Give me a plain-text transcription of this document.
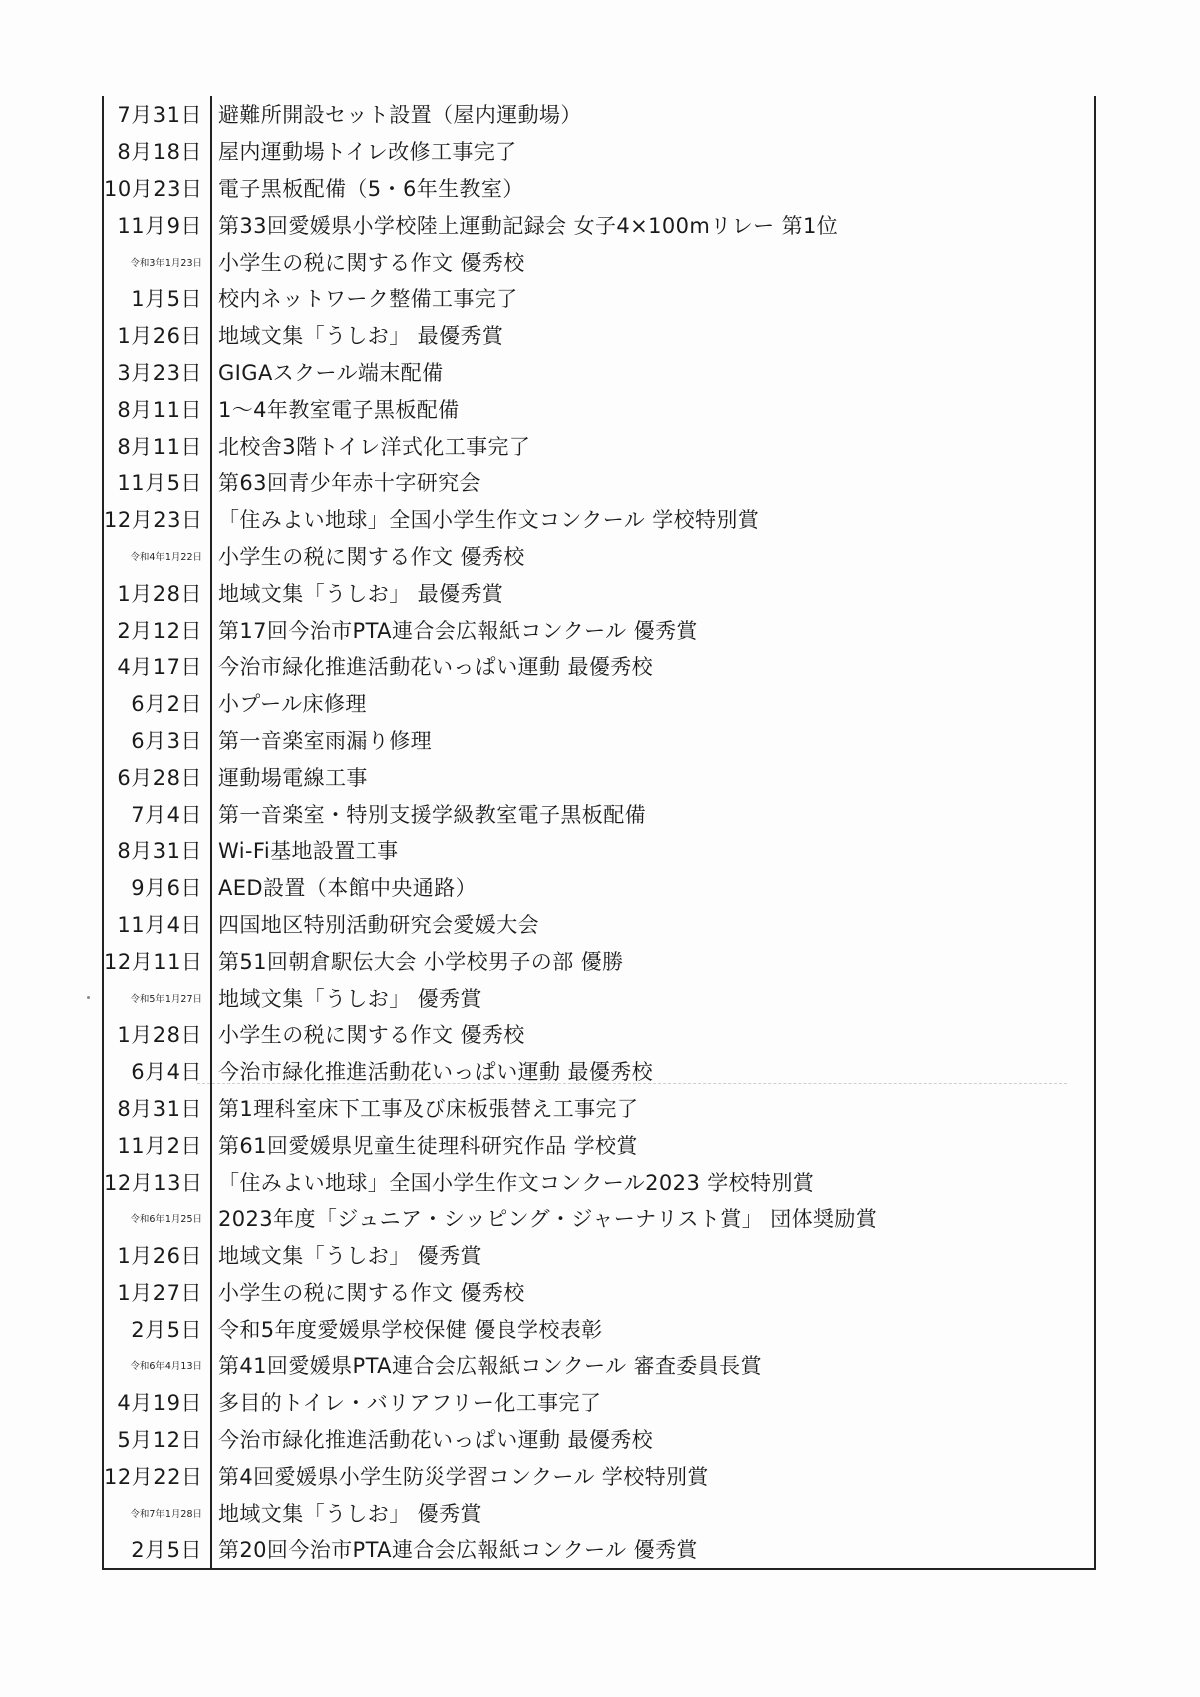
7月31日 避難所開設セット設置（屋内運動場）
8月18日 屋内運動場トイレ改修工事完了
10月23日 電子黒板配備（5・6年生教室）
11月9日 第33回愛媛県小学校陸上運動記録会 女子4×100mリレー 第1位
令和3年1月23日 小学生の税に関する作文 優秀校
1月5日 校内ネットワーク整備工事完了
1月26日 地域文集「うしお」 最優秀賞
3月23日 GIGAスクール端末配備
8月11日 1～4年教室電子黒板配備
8月11日 北校舎3階トイレ洋式化工事完了
11月5日 第63回青少年赤十字研究会
12月23日 「住みよい地球」全国小学生作文コンクール 学校特別賞
令和4年1月22日 小学生の税に関する作文 優秀校
1月28日 地域文集「うしお」 最優秀賞
2月12日 第17回今治市PTA連合会広報紙コンクール 優秀賞
4月17日 今治市緑化推進活動花いっぱい運動 最優秀校
6月2日 小プール床修理
6月3日 第一音楽室雨漏り修理
6月28日 運動場電線工事
7月4日 第一音楽室・特別支援学級教室電子黒板配備
8月31日 Wi-Fi基地設置工事
9月6日 AED設置（本館中央通路）
11月4日 四国地区特別活動研究会愛媛大会
12月11日 第51回朝倉駅伝大会 小学校男子の部 優勝
令和5年1月27日 地域文集「うしお」 優秀賞
1月28日 小学生の税に関する作文 優秀校
6月4日 今治市緑化推進活動花いっぱい運動 最優秀校
8月31日 第1理科室床下工事及び床板張替え工事完了
11月2日 第61回愛媛県児童生徒理科研究作品 学校賞
12月13日 「住みよい地球」全国小学生作文コンクール2023 学校特別賞
令和6年1月25日 2023年度「ジュニア・シッピング・ジャーナリスト賞」 団体奨励賞
1月26日 地域文集「うしお」 優秀賞
1月27日 小学生の税に関する作文 優秀校
2月5日 令和5年度愛媛県学校保健 優良学校表彰
令和6年4月13日 第41回愛媛県PTA連合会広報紙コンクール 審査委員長賞
4月19日 多目的トイレ・バリアフリー化工事完了
5月12日 今治市緑化推進活動花いっぱい運動 最優秀校
12月22日 第4回愛媛県小学生防災学習コンクール 学校特別賞
令和7年1月28日 地域文集「うしお」 優秀賞
2月5日 第20回今治市PTA連合会広報紙コンクール 優秀賞
